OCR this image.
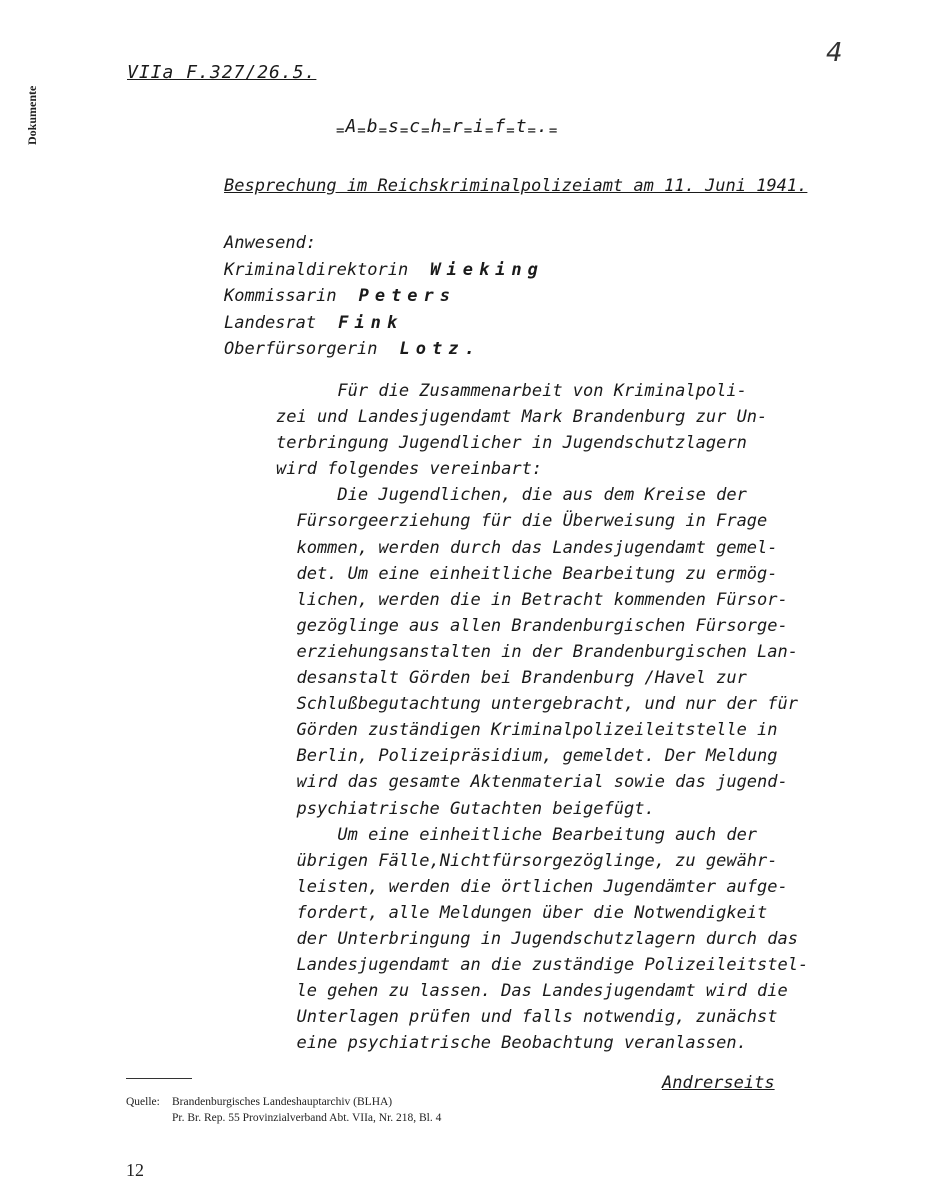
Dokumente
VIIa F.327/26.5.
4
=A=b=s=c=h=r=i=f=t=.=
Besprechung im Reichskriminalpolizeiamt am 11. Juni 1941.
Anwesend:
Kriminaldirektorin Wieking
Kommissarin Peters
Landesrat Fink
Oberfürsorgerin Lotz.
Für die Zusammenarbeit von Kriminalpoli-
zei und Landesjugendamt Mark Brandenburg zur Un-
terbringung Jugendlicher in Jugendschutzlagern
wird folgendes vereinbart:
Die Jugendlichen, die aus dem Kreise der
Fürsorgeerziehung für die Überweisung in Frage
kommen, werden durch das Landesjugendamt gemel-
det. Um eine einheitliche Bearbeitung zu ermög-
lichen, werden die in Betracht kommenden Fürsor-
gezöglinge aus allen Brandenburgischen Fürsorge-
erziehungsanstalten in der Brandenburgischen Lan-
desanstalt Görden bei Brandenburg /Havel zur
Schlußbegutachtung untergebracht, und nur der für
Görden zuständigen Kriminalpolizeileitstelle in
Berlin, Polizeipräsidium, gemeldet. Der Meldung
wird das gesamte Aktenmaterial sowie das jugend-
psychiatrische Gutachten beigefügt.
Um eine einheitliche Bearbeitung auch der
übrigen Fälle,Nichtfürsorgezöglinge, zu gewähr-
leisten, werden die örtlichen Jugendämter aufge-
fordert, alle Meldungen über die Notwendigkeit
der Unterbringung in Jugendschutzlagern durch das
Landesjugendamt an die zuständige Polizeileitstel-
le gehen zu lassen. Das Landesjugendamt wird die
Unterlagen prüfen und falls notwendig, zunächst
eine psychiatrische Beobachtung veranlassen.
Andrerseits
Quelle: Brandenburgisches Landeshauptarchiv (BLHA)
Pr. Br. Rep. 55 Provinzialverband Abt. VIIa, Nr. 218, Bl. 4
12
